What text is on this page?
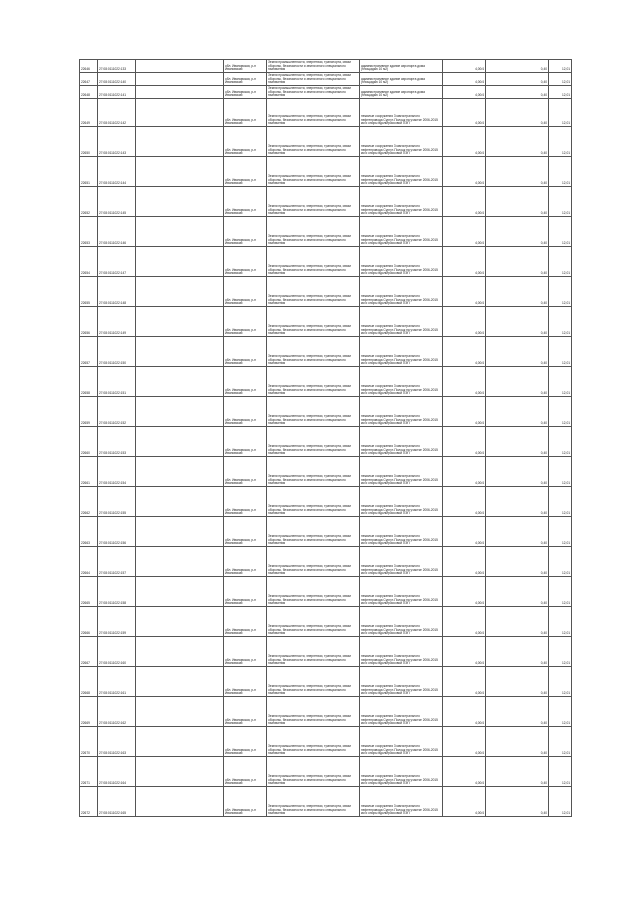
22646	27:08:0111022:133		обл. Ивановская, р-н Ивановский	Земли промышленности, энергетики, транспорта, связи обороны, безопасности и земли иного специального назначения	административное здание аэропорта дома (площадью 10 м2)	4,00/4	0,40	12,01
22647	27:08:0111022:140		обл. Ивановская, р-н Ивановский	Земли промышленности, энергетики, транспорта, связи обороны, безопасности и земли иного специального назначения	административное здание аэропорта дома (площадью 10 м2)	4,00/4	0,40	12,01
22648	27:08:0111022:141		обл. Ивановская, р-н Ивановский	Земли промышленности, энергетики, транспорта, связи обороны, безопасности и земли иного специального назначения	административное здание аэропорта дома (площадью 10 м2)	4,00/4	0,40	12,01
22649	27:08:0111022:142		обл. Ивановская, р-н Ивановский	Земли промышленности, энергетики, транспорта, связи обороны, безопасности и земли иного специального назначения	нежилые сооружения 3 магистрального нефтепровода Сургут-Полоцк на участке 2006-2015 км и опоры вдольтрассовой ЛЭП	4,00/4	0,40	12,01
22650	27:08:0111022:143		обл. Ивановская, р-н Ивановский	Земли промышленности, энергетики, транспорта, связи обороны, безопасности и земли иного специального назначения	нежилые сооружения 3 магистрального нефтепровода Сургут-Полоцк на участке 2006-2015 км и опоры вдольтрассовой ЛЭП	4,00/4	0,40	12,01
22651	27:08:0111022:144		обл. Ивановская, р-н Ивановский	Земли промышленности, энергетики, транспорта, связи обороны, безопасности и земли иного специального назначения	нежилые сооружения 3 магистрального нефтепровода Сургут-Полоцк на участке 2006-2015 км и опоры вдольтрассовой ЛЭП	4,00/4	0,40	12,01
22652	27:08:0111022:145		обл. Ивановская, р-н Ивановский	Земли промышленности, энергетики, транспорта, связи обороны, безопасности и земли иного специального назначения	нежилые сооружения 3 магистрального нефтепровода Сургут-Полоцк на участке 2006-2015 км и опоры вдольтрассовой ЛЭП	4,00/4	0,40	12,01
22653	27:08:0111022:146		обл. Ивановская, р-н Ивановский	Земли промышленности, энергетики, транспорта, связи обороны, безопасности и земли иного специального назначения	нежилые сооружения 3 магистрального нефтепровода Сургут-Полоцк на участке 2006-2015 км и опоры вдольтрассовой ЛЭП	4,00/4	0,40	12,01
22654	27:08:0111022:147		обл. Ивановская, р-н Ивановский	Земли промышленности, энергетики, транспорта, связи обороны, безопасности и земли иного специального назначения	нежилые сооружения 3 магистрального нефтепровода Сургут-Полоцк на участке 2006-2015 км и опоры вдольтрассовой ЛЭП	4,00/4	0,40	12,01
22655	27:08:0111022:148		обл. Ивановская, р-н Ивановский	Земли промышленности, энергетики, транспорта, связи обороны, безопасности и земли иного специального назначения	нежилые сооружения 3 магистрального нефтепровода Сургут-Полоцк на участке 2006-2015 км и опоры вдольтрассовой ЛЭП	4,00/4	0,40	12,01
22656	27:08:0111022:149		обл. Ивановская, р-н Ивановский	Земли промышленности, энергетики, транспорта, связи обороны, безопасности и земли иного специального назначения	нежилые сооружения 3 магистрального нефтепровода Сургут-Полоцк на участке 2006-2015 км и опоры вдольтрассовой ЛЭП	4,00/4	0,40	12,01
22657	27:08:0111022:150		обл. Ивановская, р-н Ивановский	Земли промышленности, энергетики, транспорта, связи обороны, безопасности и земли иного специального назначения	нежилые сооружения 3 магистрального нефтепровода Сургут-Полоцк на участке 2006-2015 км и опоры вдольтрассовой ЛЭП	4,00/4	0,40	12,01
22658	27:08:0111022:151		обл. Ивановская, р-н Ивановский	Земли промышленности, энергетики, транспорта, связи обороны, безопасности и земли иного специального назначения	нежилые сооружения 3 магистрального нефтепровода Сургут-Полоцк на участке 2006-2015 км и опоры вдольтрассовой ЛЭП	4,00/4	0,40	12,01
22659	27:08:0111022:152		обл. Ивановская, р-н Ивановский	Земли промышленности, энергетики, транспорта, связи обороны, безопасности и земли иного специального назначения	нежилые сооружения 3 магистрального нефтепровода Сургут-Полоцк на участке 2006-2015 км и опоры вдольтрассовой ЛЭП	4,00/4	0,40	12,01
22660	27:08:0111022:153		обл. Ивановская, р-н Ивановский	Земли промышленности, энергетики, транспорта, связи обороны, безопасности и земли иного специального назначения	нежилые сооружения 3 магистрального нефтепровода Сургут-Полоцк на участке 2006-2015 км и опоры вдольтрассовой ЛЭП	4,00/4	0,40	12,01
22661	27:08:0111022:154		обл. Ивановская, р-н Ивановский	Земли промышленности, энергетики, транспорта, связи обороны, безопасности и земли иного специального назначения	нежилые сооружения 3 магистрального нефтепровода Сургут-Полоцк на участке 2006-2015 км и опоры вдольтрассовой ЛЭП	4,00/4	0,40	12,01
22662	27:08:0111022:155		обл. Ивановская, р-н Ивановский	Земли промышленности, энергетики, транспорта, связи обороны, безопасности и земли иного специального назначения	нежилые сооружения 3 магистрального нефтепровода Сургут-Полоцк на участке 2006-2015 км и опоры вдольтрассовой ЛЭП	4,00/4	0,40	12,01
22663	27:08:0111022:156		обл. Ивановская, р-н Ивановский	Земли промышленности, энергетики, транспорта, связи обороны, безопасности и земли иного специального назначения	нежилые сооружения 3 магистрального нефтепровода Сургут-Полоцк на участке 2006-2015 км и опоры вдольтрассовой ЛЭП	4,00/4	0,40	12,01
22664	27:08:0111022:157		обл. Ивановская, р-н Ивановский	Земли промышленности, энергетики, транспорта, связи обороны, безопасности и земли иного специального назначения	нежилые сооружения 3 магистрального нефтепровода Сургут-Полоцк на участке 2006-2015 км и опоры вдольтрассовой ЛЭП	4,00/4	0,40	12,01
22665	27:08:0111022:158		обл. Ивановская, р-н Ивановский	Земли промышленности, энергетики, транспорта, связи обороны, безопасности и земли иного специального назначения	нежилые сооружения 3 магистрального нефтепровода Сургут-Полоцк на участке 2006-2015 км и опоры вдольтрассовой ЛЭП	4,00/4	0,40	12,01
22666	27:08:0111022:159		обл. Ивановская, р-н Ивановский	Земли промышленности, энергетики, транспорта, связи обороны, безопасности и земли иного специального назначения	нежилые сооружения 3 магистрального нефтепровода Сургут-Полоцк на участке 2006-2015 км и опоры вдольтрассовой ЛЭП	4,00/4	0,40	12,01
22667	27:08:0111022:160		обл. Ивановская, р-н Ивановский	Земли промышленности, энергетики, транспорта, связи обороны, безопасности и земли иного специального назначения	нежилые сооружения 3 магистрального нефтепровода Сургут-Полоцк на участке 2006-2015 км и опоры вдольтрассовой ЛЭП	4,00/4	0,40	12,01
22668	27:08:0111022:161		обл. Ивановская, р-н Ивановский	Земли промышленности, энергетики, транспорта, связи обороны, безопасности и земли иного специального назначения	нежилые сооружения 3 магистрального нефтепровода Сургут-Полоцк на участке 2006-2015 км и опоры вдольтрассовой ЛЭП	4,00/4	0,40	12,01
22669	27:08:0111022:162		обл. Ивановская, р-н Ивановский	Земли промышленности, энергетики, транспорта, связи обороны, безопасности и земли иного специального назначения	нежилые сооружения 3 магистрального нефтепровода Сургут-Полоцк на участке 2006-2015 км и опоры вдольтрассовой ЛЭП	4,00/4	0,40	12,01
22670	27:08:0111022:163		обл. Ивановская, р-н Ивановский	Земли промышленности, энергетики, транспорта, связи обороны, безопасности и земли иного специального назначения	нежилые сооружения 3 магистрального нефтепровода Сургут-Полоцк на участке 2006-2015 км и опоры вдольтрассовой ЛЭП	4,00/4	0,40	12,01
22671	27:08:0111022:164		обл. Ивановская, р-н Ивановский	Земли промышленности, энергетики, транспорта, связи обороны, безопасности и земли иного специального назначения	нежилые сооружения 3 магистрального нефтепровода Сургут-Полоцк на участке 2006-2015 км и опоры вдольтрассовой ЛЭП	4,00/4	0,40	12,01
22672	27:08:0111022:165		обл. Ивановская, р-н Ивановский	Земли промышленности, энергетики, транспорта, связи обороны, безопасности и земли иного специального назначения	нежилые сооружения 3 магистрального нефтепровода Сургут-Полоцк на участке 2006-2015 км и опоры вдольтрассовой ЛЭП	4,00/4	0,40	12,01
